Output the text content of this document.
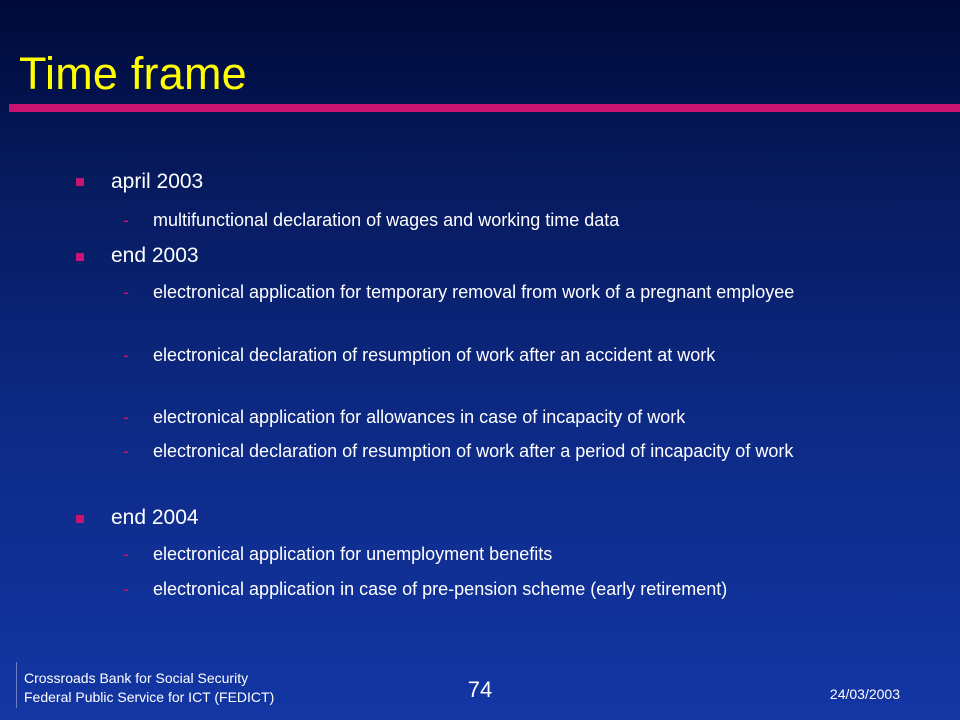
Time frame
april 2003
- multifunctional declaration of wages and working time data
end 2003
- electronical application for temporary removal from work of a pregnant employee
- electronical declaration of resumption of work after an accident at work
- electronical application for allowances in case of incapacity of work
- electronical declaration of resumption of work after a period of incapacity of work
end 2004
- electronical application for unemployment benefits
- electronical application in case of pre-pension scheme (early retirement)
Crossroads Bank for Social Security
Federal Public Service for ICT (FEDICT)	74	24/03/2003
